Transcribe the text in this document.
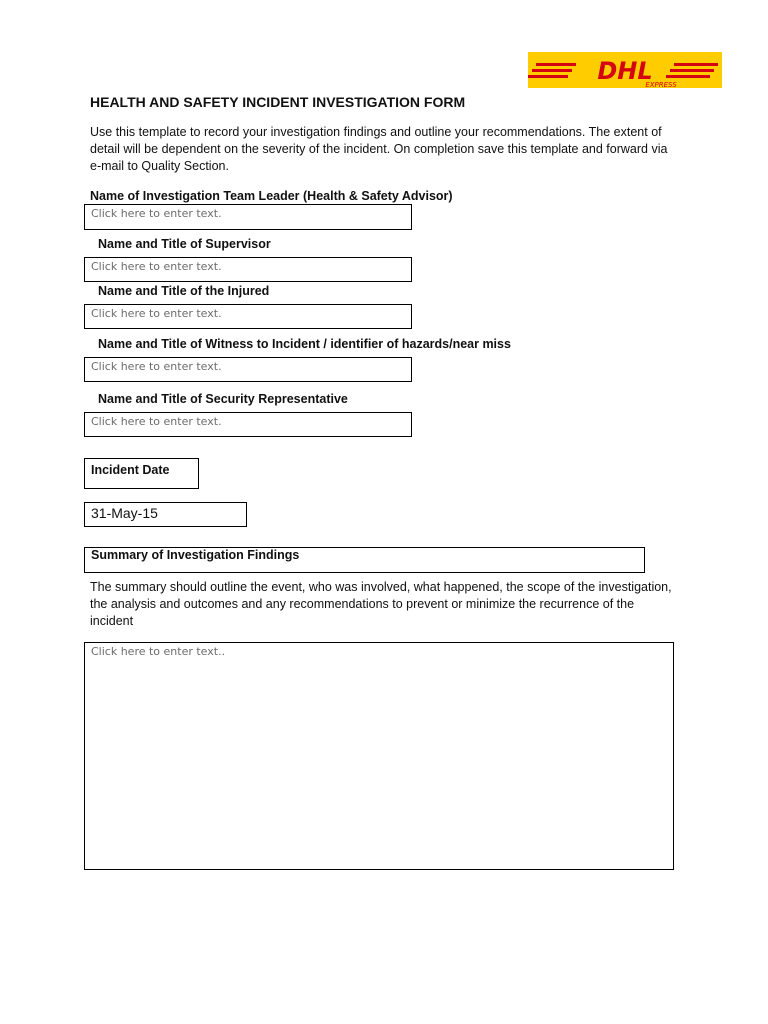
DHL
EXPRESS
HEALTH AND SAFETY INCIDENT INVESTIGATION FORM
Use this template to record your investigation findings and outline your recommendations. The extent of detail will be dependent on the severity of the incident. On completion save this template and forward via e-mail to Quality Section.
Name of Investigation Team Leader (Health & Safety Advisor)
Click here to enter text.
Name and Title of Supervisor
Click here to enter text.
Name and Title of the Injured
Click here to enter text.
Name and Title of Witness to Incident / identifier of hazards/near miss
Click here to enter text.
Name and Title of Security Representative
Click here to enter text.
Incident Date
31-May-15
Summary of Investigation Findings
The summary should outline the event, who was involved, what happened, the scope of the investigation, the analysis and outcomes and any recommendations to prevent or minimize the recurrence of the incident
Click here to enter text..
